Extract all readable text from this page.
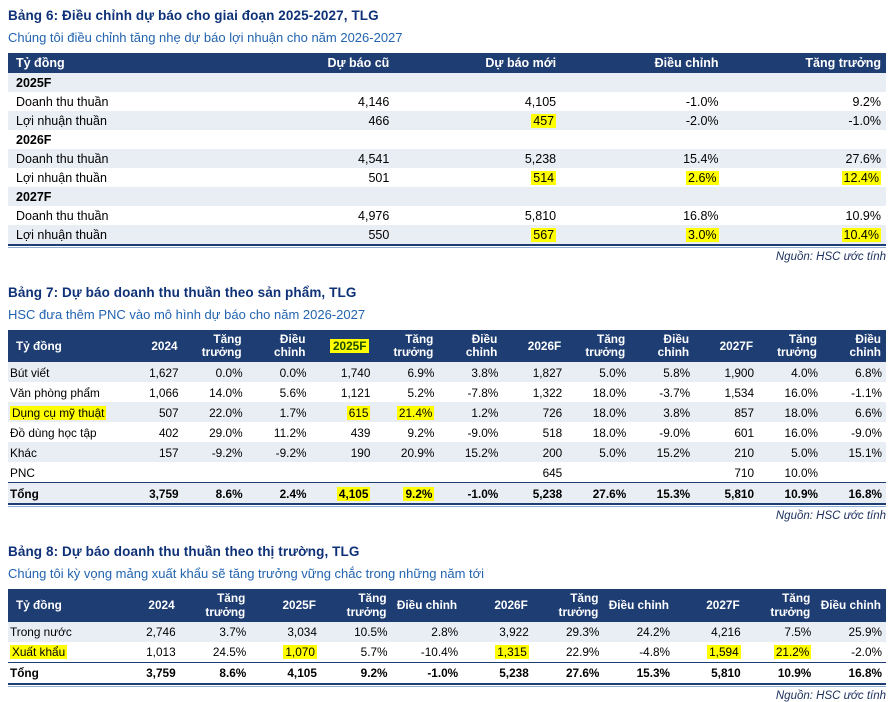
Bảng 6: Điều chỉnh dự báo cho giai đoạn 2025-2027, TLG
Chúng tôi điều chỉnh tăng nhẹ dự báo lợi nhuận cho năm 2026-2027
Tỷ đồng	Dự báo cũ	Dự báo mới	Điều chỉnh	Tăng trưởng
2025F				
Doanh thu thuần	4,146	4,105	-1.0%	9.2%
Lợi nhuận thuần	466	457	-2.0%	-1.0%
2026F				
Doanh thu thuần	4,541	5,238	15.4%	27.6%
Lợi nhuận thuần	501	514	2.6%	12.4%
2027F				
Doanh thu thuần	4,976	5,810	16.8%	10.9%
Lợi nhuận thuần	550	567	3.0%	10.4%
Nguồn: HSC ước tính
Bảng 7: Dự báo doanh thu thuần theo sản phẩm, TLG
HSC đưa thêm PNC vào mô hình dự báo cho năm 2026-2027
Tỷ đồng	2024	Tăng trưởng	Điều chỉnh	2025F	Tăng trưởng	Điều chỉnh	2026F	Tăng trưởng	Điều chỉnh	2027F	Tăng trưởng	Điều chỉnh
Bút viết	1,627	0.0%	0.0%	1,740	6.9%	3.8%	1,827	5.0%	5.8%	1,900	4.0%	6.8%
Văn phòng phẩm	1,066	14.0%	5.6%	1,121	5.2%	-7.8%	1,322	18.0%	-3.7%	1,534	16.0%	-1.1%
Dụng cụ mỹ thuật	507	22.0%	1.7%	615	21.4%	1.2%	726	18.0%	3.8%	857	18.0%	6.6%
Đồ dùng học tập	402	29.0%	11.2%	439	9.2%	-9.0%	518	18.0%	-9.0%	601	16.0%	-9.0%
Khác	157	-9.2%	-9.2%	190	20.9%	15.2%	200	5.0%	15.2%	210	5.0%	15.1%
PNC							645			710	10.0%	
Tổng	3,759	8.6%	2.4%	4,105	9.2%	-1.0%	5,238	27.6%	15.3%	5,810	10.9%	16.8%
Nguồn: HSC ước tính
Bảng 8: Dự báo doanh thu thuần theo thị trường, TLG
Chúng tôi kỳ vọng mảng xuất khẩu sẽ tăng trưởng vững chắc trong những năm tới
Tỷ đồng	2024	Tăng trưởng	2025F	Tăng trưởng	Điều chỉnh	2026F	Tăng trưởng	Điều chỉnh	2027F	Tăng trưởng	Điều chỉnh
Trong nước	2,746	3.7%	3,034	10.5%	2.8%	3,922	29.3%	24.2%	4,216	7.5%	25.9%
Xuất khẩu	1,013	24.5%	1,070	5.7%	-10.4%	1,315	22.9%	-4.8%	1,594	21.2%	-2.0%
Tổng	3,759	8.6%	4,105	9.2%	-1.0%	5,238	27.6%	15.3%	5,810	10.9%	16.8%
Nguồn: HSC ước tính
